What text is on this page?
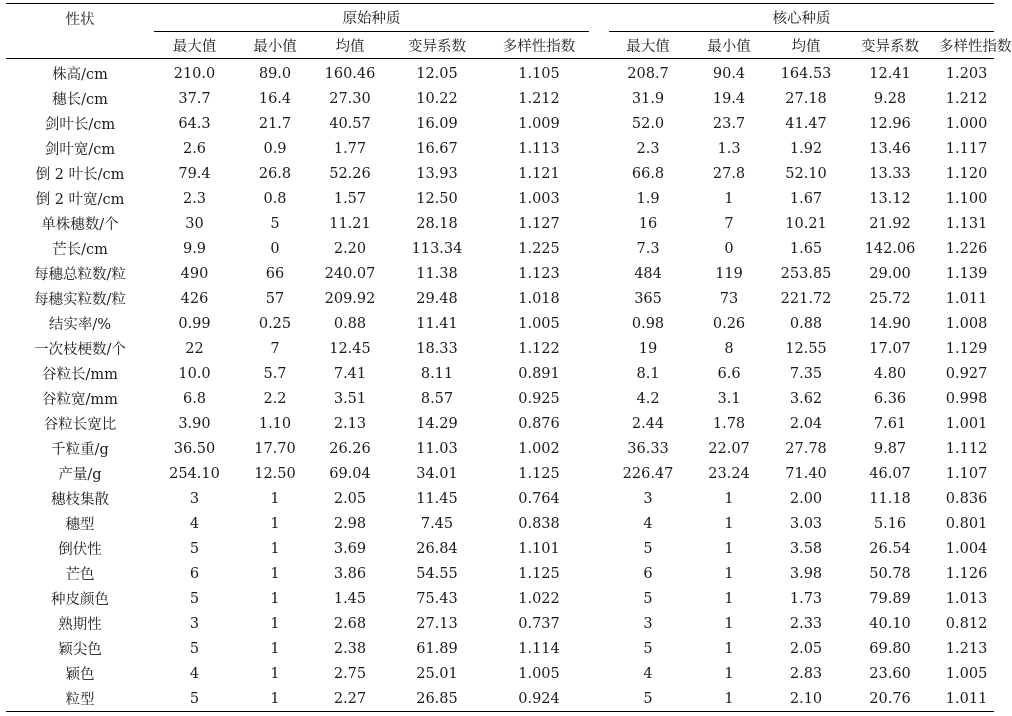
性状	原始种质						核心种质				
	最大值	最小值	均值	变异系数	多样性指数		最大值	最小值	均值	变异系数	多样性指数
株高/cm	210.0	89.0	160.46	12.05	1.105		208.7	90.4	164.53	12.41	1.203
穗长/cm	37.7	16.4	27.30	10.22	1.212		31.9	19.4	27.18	9.28	1.212
剑叶长/cm	64.3	21.7	40.57	16.09	1.009		52.0	23.7	41.47	12.96	1.000
剑叶宽/cm	2.6	0.9	1.77	16.67	1.113		2.3	1.3	1.92	13.46	1.117
倒 2 叶长/cm	79.4	26.8	52.26	13.93	1.121		66.8	27.8	52.10	13.33	1.120
倒 2 叶宽/cm	2.3	0.8	1.57	12.50	1.003		1.9	1	1.67	13.12	1.100
单株穗数/个	30	5	11.21	28.18	1.127		16	7	10.21	21.92	1.131
芒长/cm	9.9	0	2.20	113.34	1.225		7.3	0	1.65	142.06	1.226
每穗总粒数/粒	490	66	240.07	11.38	1.123		484	119	253.85	29.00	1.139
每穗实粒数/粒	426	57	209.92	29.48	1.018		365	73	221.72	25.72	1.011
结实率/%	0.99	0.25	0.88	11.41	1.005		0.98	0.26	0.88	14.90	1.008
一次枝梗数/个	22	7	12.45	18.33	1.122		19	8	12.55	17.07	1.129
谷粒长/mm	10.0	5.7	7.41	8.11	0.891		8.1	6.6	7.35	4.80	0.927
谷粒宽/mm	6.8	2.2	3.51	8.57	0.925		4.2	3.1	3.62	6.36	0.998
谷粒长宽比	3.90	1.10	2.13	14.29	0.876		2.44	1.78	2.04	7.61	1.001
千粒重/g	36.50	17.70	26.26	11.03	1.002		36.33	22.07	27.78	9.87	1.112
产量/g	254.10	12.50	69.04	34.01	1.125		226.47	23.24	71.40	46.07	1.107
穗枝集散	3	1	2.05	11.45	0.764		3	1	2.00	11.18	0.836
穗型	4	1	2.98	7.45	0.838		4	1	3.03	5.16	0.801
倒伏性	5	1	3.69	26.84	1.101		5	1	3.58	26.54	1.004
芒色	6	1	3.86	54.55	1.125		6	1	3.98	50.78	1.126
种皮颜色	5	1	1.45	75.43	1.022		5	1	1.73	79.89	1.013
熟期性	3	1	2.68	27.13	0.737		3	1	2.33	40.10	0.812
颖尖色	5	1	2.38	61.89	1.114		5	1	2.05	69.80	1.213
颖色	4	1	2.75	25.01	1.005		4	1	2.83	23.60	1.005
粒型	5	1	2.27	26.85	0.924		5	1	2.10	20.76	1.011
